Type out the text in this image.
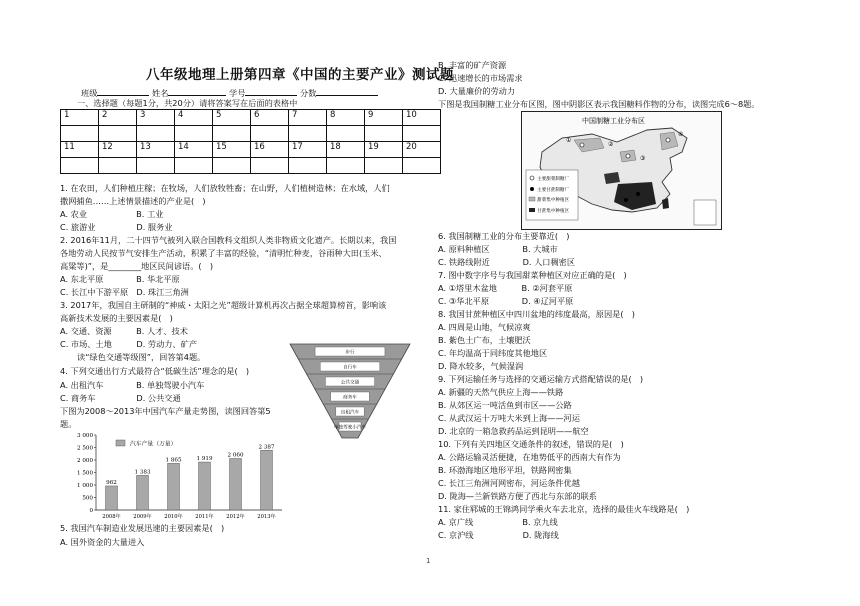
八年级地理上册第四章《中国的主要产业》测试题
班级	姓名	学号	分数
一、选择题（每题1分，共20分）请将答案写在后面的表格中
1	2	3	4	5	6	7	8	9	10

11	12	13	14	15	16	17	18	19	20

1. 在农田，人们种植庄稼；在牧场，人们放牧牲畜；在山野，人们植树造林；在水域，人们
撒网捕鱼……上述情景描述的产业是(　)
A. 农业　　　　　　B. 工业
C. 旅游业　　　　　D. 服务业
2. 2016年11月，二十四节气被列入联合国教科文组织人类非物质文化遗产。长期以来，我国
各地劳动人民按节气安排生产活动，积累了丰富的经验，“清明忙种麦，谷雨种大田(玉米、
高粱等)”，是________地区民间谚语。(　)
A. 东北平原　　　　B. 华北平原
C. 长江中下游平原　D. 珠江三角洲
3. 2017年，我国自主研制的“神威・太阳之光”超级计算机再次占据全球超算榜首，影响该
高新技术发展的主要因素是(　)
A. 交通、资源　　　B. 人才、技术
C. 市场、土地　　　D. 劳动力、矿产
读“绿色交通等级图”，回答第4题。
4. 下列交通出行方式最符合“低碳生活”理念的是(　)
A. 出租汽车　　　　B. 单独驾驶小汽车
C. 商务车　　　　　D. 公共交通
下图为2008～2013年中国汽车产量走势图，读图回答第5
题。
5. 我国汽车制造业发展迅速的主要因素是(　)
A. 国外资金的大量进入
步行
自行车
公共交通
商务车
出租汽车
单独驾驶小汽车
3 000
2 500
2 000
1 500
1 000
500
0
汽车产量（万量）
962
2008年
1 383
2009年
1 865
2010年
1 919
2011年
2 060
2012年
2 387
2013年
B. 丰富的矿产资源
C. 迅速增长的市场需求
D. 大量廉价的劳动力
下图是我国制糖工业分布区图，图中阴影区表示我国糖料作物的分布，读图完成6～8题。
中国制糖工业分布区
①
②
③
④
主要甜菜制糖厂
主要甘蔗制糖厂
甜菜集中种植区
甘蔗集中种植区
6. 我国制糖工业的分布主要靠近(　)
A. 原料种植区　　　　B. 大城市
C. 铁路线附近　　　　D. 人口稠密区
7. 图中数字序号与我国甜菜种植区对应正确的是(　)
A. ①塔里木盆地　　　B. ②河套平原
C. ③华北平原　　　　D. ④辽河平原
8. 我国甘蔗种植区中四川盆地的纬度最高，原因是(　)
A. 四周是山地，气候凉爽
B. 紫色土广布，土壤肥沃
C. 年均温高于同纬度其他地区
D. 降水较多，气候湿润
9. 下列运输任务与选择的交通运输方式搭配错误的是(　)
A. 新疆的天然气供应上海——铁路
B. 从郊区运一吨活鱼到市区——公路
C. 从武汉运十万吨大米到上海——河运
D. 北京的一箱急救药品运到昆明——航空
10. 下列有关四地区交通条件的叙述，错误的是(　)
A. 公路运输灵活便捷，在地势低平的西南大有作为
B. 环渤海地区地形平坦，铁路网密集
C. 长江三角洲河网密布，河运条件优越
D. 陇海—兰新铁路方便了西北与东部的联系
11. 家住郓城的王锦鸿同学乘火车去北京，选择的最佳火车线路是(　)
A. 京广线　　　　　　B. 京九线
C. 京沪线　　　　　　D. 陇海线
1
